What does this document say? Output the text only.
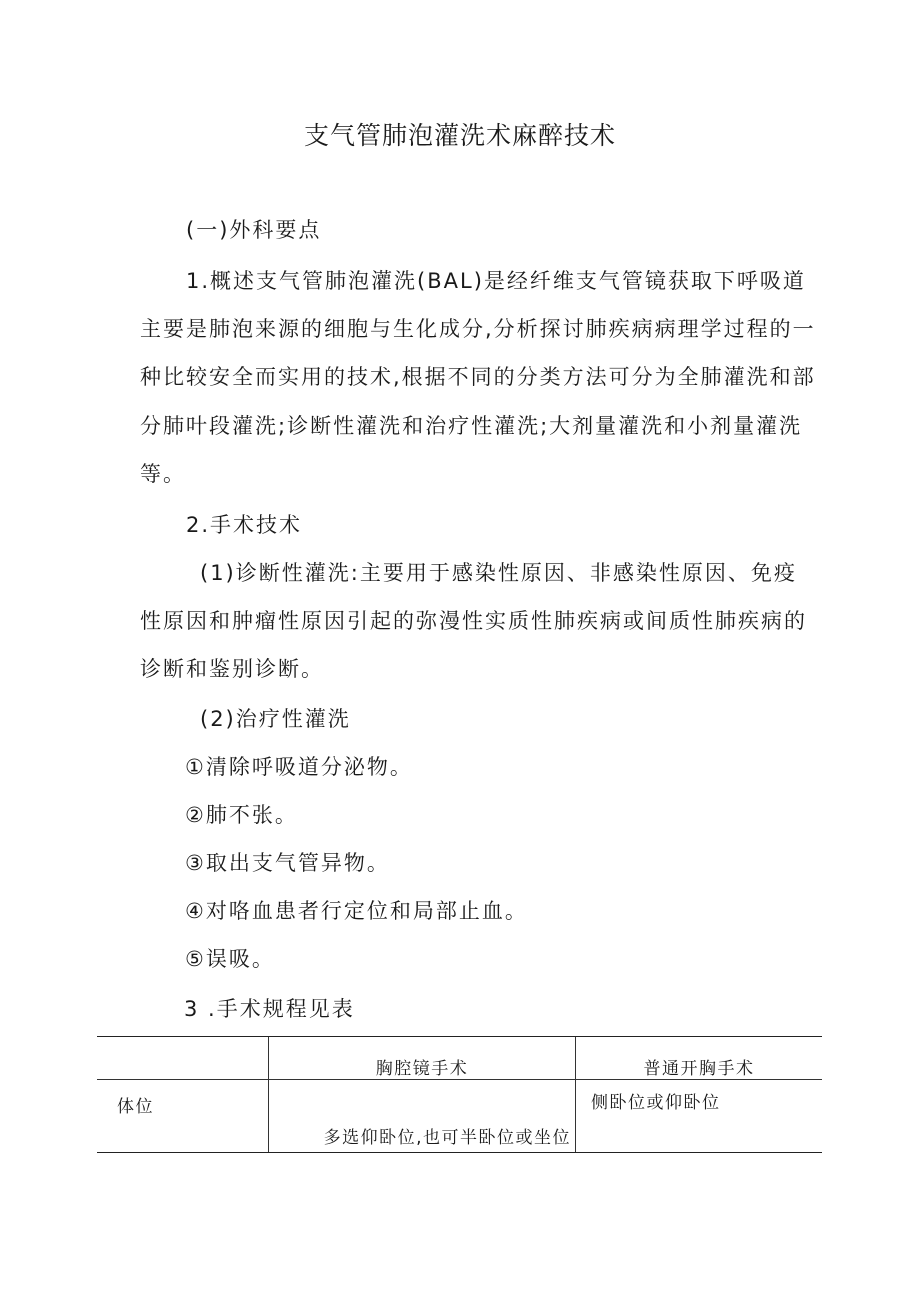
支气管肺泡灌洗术麻醉技术
(一)外科要点
1.概述支气管肺泡灌洗(BAL)是经纤维支气管镜获取下呼吸道
主要是肺泡来源的细胞与生化成分,分析探讨肺疾病病理学过程的一
种比较安全而实用的技术,根据不同的分类方法可分为全肺灌洗和部
分肺叶段灌洗;诊断性灌洗和治疗性灌洗;大剂量灌洗和小剂量灌洗
等。
2.手术技术
(1)诊断性灌洗:主要用于感染性原因、非感染性原因、免疫
性原因和肿瘤性原因引起的弥漫性实质性肺疾病或间质性肺疾病的
诊断和鉴别诊断。
(2)治疗性灌洗
①清除呼吸道分泌物。
②肺不张。
③取出支气管异物。
④对咯血患者行定位和局部止血。
⑤误吸。
3 .手术规程见表
	胸腔镜手术	普通开胸手术
体位	多选仰卧位,也可半卧位或坐位	侧卧位或仰卧位
